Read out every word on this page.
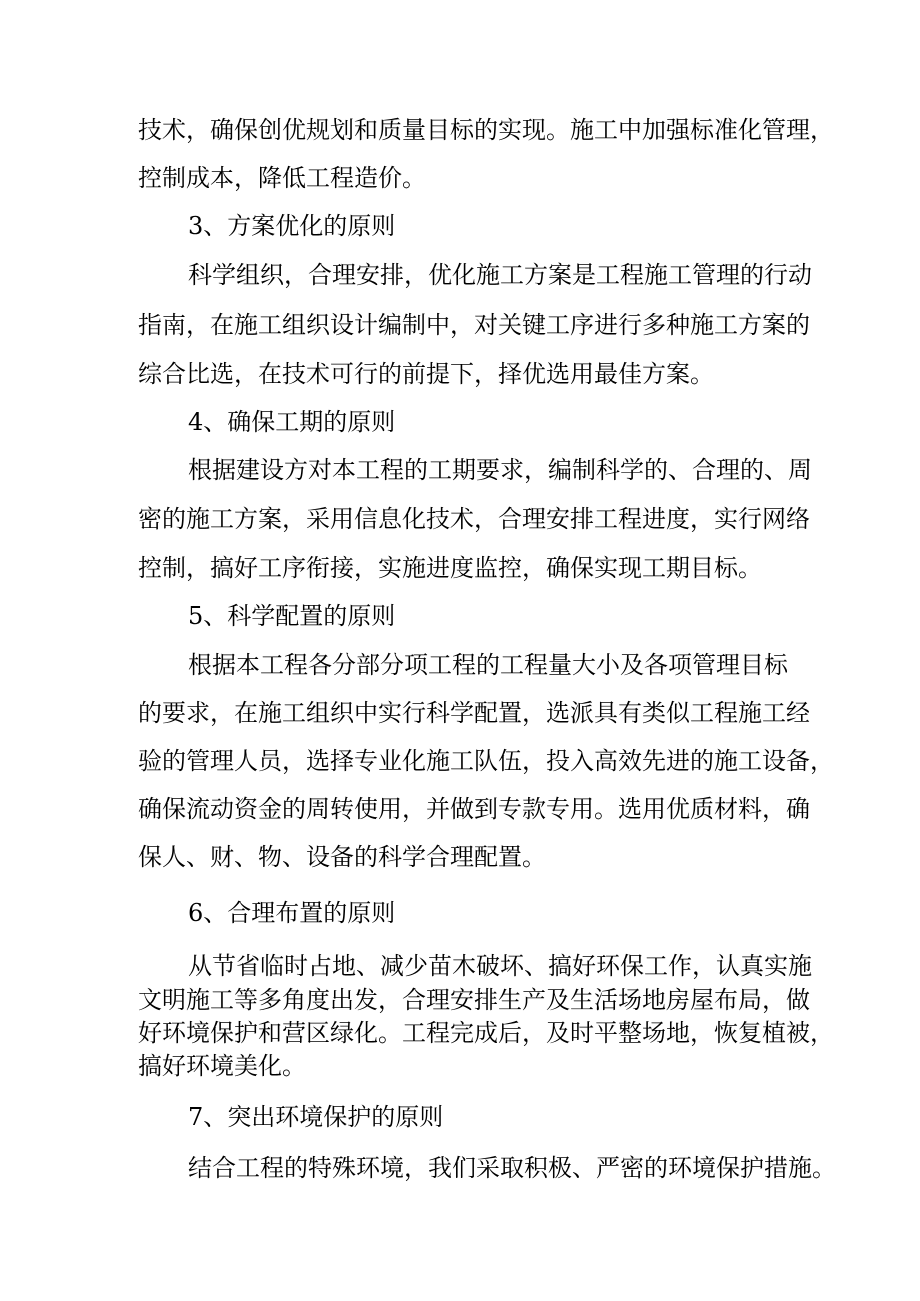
技术，确保创优规划和质量目标的实现。施工中加强标准化管理，

控制成本，降低工程造价。

3、方案优化的原则

科学组织，合理安排，优化施工方案是工程施工管理的行动

指南，在施工组织设计编制中，对关键工序进行多种施工方案的

综合比选，在技术可行的前提下，择优选用最佳方案。

4、确保工期的原则

根据建设方对本工程的工期要求，编制科学的、合理的、周

密的施工方案，采用信息化技术，合理安排工程进度，实行网络

控制，搞好工序衔接，实施进度监控，确保实现工期目标。

5、科学配置的原则

根据本工程各分部分项工程的工程量大小及各项管理目标

的要求，在施工组织中实行科学配置，选派具有类似工程施工经

验的管理人员，选择专业化施工队伍，投入高效先进的施工设备，

确保流动资金的周转使用，并做到专款专用。选用优质材料，确

保人、财、物、设备的科学合理配置。

6、合理布置的原则

从节省临时占地、减少苗木破坏、搞好环保工作，认真实施

文明施工等多角度出发，合理安排生产及生活场地房屋布局，做

好环境保护和营区绿化。工程完成后，及时平整场地，恢复植被，

搞好环境美化。

7、突出环境保护的原则

结合工程的特殊环境，我们采取积极、严密的环境保护措施。
